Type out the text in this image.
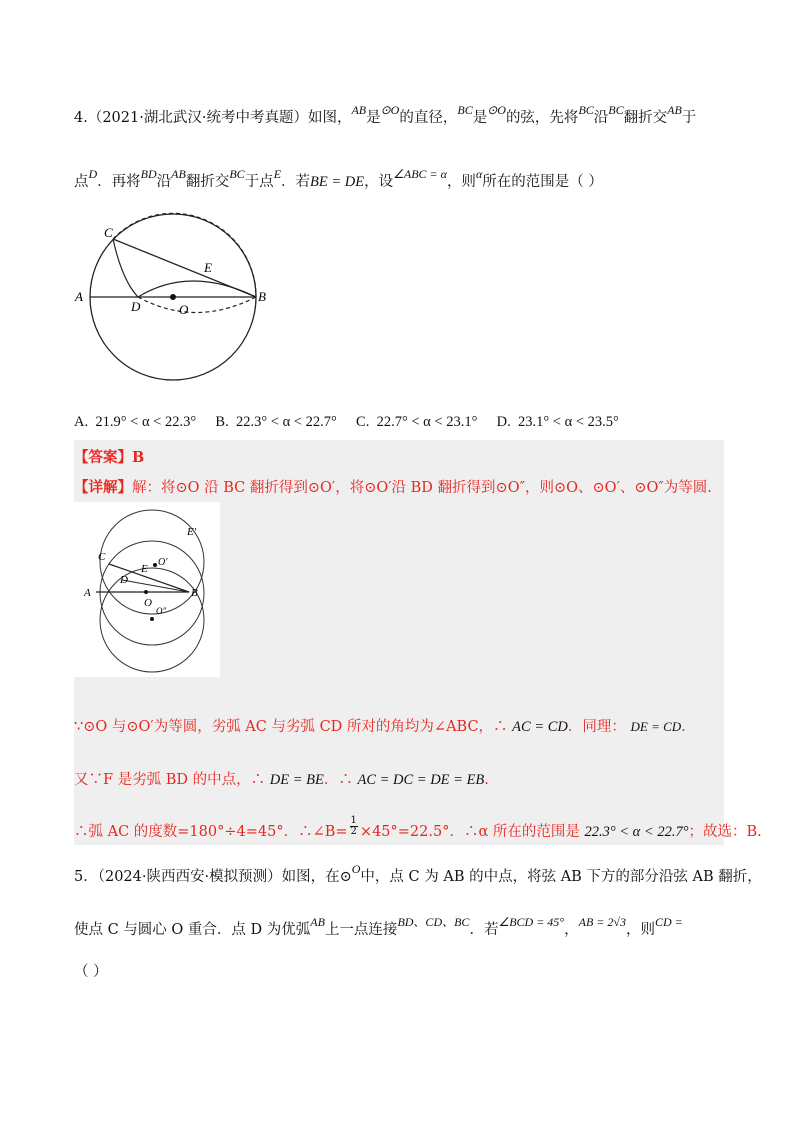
4.（2021·湖北武汉·统考中考真题）如图，$^{AB}$是$^{⊙O}$的直径，$^{BC}$是$^{⊙O}$的弦，先将$^{BC}$沿$^{BC}$翻折交$^{AB}$于
点$^D$．再将$^{BD}$沿$^{AB}$翻折交$^{BC}$于点$^E$．若BE = DE，设$^{\angle ABC = \alpha}$，则$^\alpha$所在的范围是（ ）
C
E
A
D	O
B
A. 21.9° < α < 22.3° B. 22.3° < α < 22.7° C. 22.7° < α < 23.1° D. 23.1° < α < 23.5°
【答案】B
【详解】解：将⊙O 沿 BC 翻折得到⊙O′，将⊙O′沿 BD 翻折得到⊙O″，则⊙O、⊙O′、⊙O″为等圆.
E′
C	O′
E
A
D
O
B
O″
∵⊙O 与⊙O′为等圆，劣弧 AC 与劣弧 CD 所对的角均为∠ABC，∴ AC = CD．同理： DE = CD.
又∵F 是劣弧 BD 的中点，∴ DE = BE．∴ AC = DC = DE = EB.
∴弧 AC 的度数=180°÷4=45°．∴∠B= $\frac{1}{2} \times 45^\circ=22.5^\circ$．∴α 所在的范围是 22.3° < α < 22.7°；故选：B.
5．（2024·陕西西安·模拟预测）如图，在⊙$^O$中，点 C 为 AB 的中点，将弦 AB 下方的部分沿弦 AB 翻折，
使点 C 与圆心 O 重合．点 D 为优弧$^{AB}$上一点连接$^{BD、CD、BC}$．若$^{\angle BCD = 45^\circ}$，$^{AB = 2√3}$，则$^{CD =}$
（ ）
